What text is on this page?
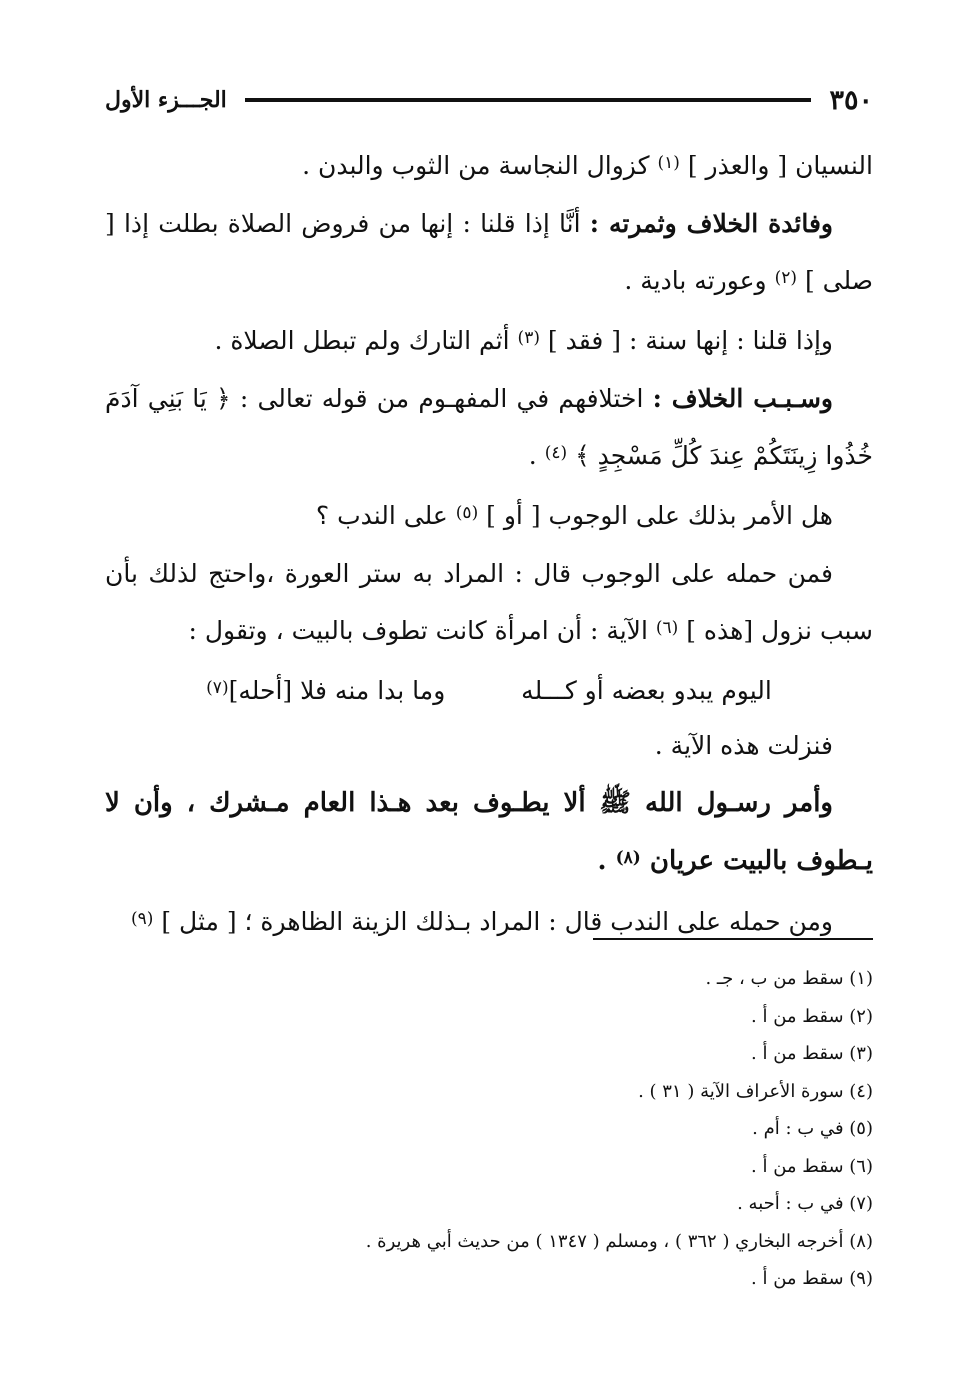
٣٥٠
الجـــزء الأول

النسيان [ والعذر ] $^{(١)}$ كزوال النجاسة من الثوب والبدن .

وفائدة الخلاف وثمرته : أنَّا إذا قلنا : إنها من فروض الصلاة بطلت إذا [ صلى ] $^{(٢)}$ وعورته بادية .

وإذا قلنا : إنها سنة : [ فقد ] $^{(٣)}$ أثم التارك ولم تبطل الصلاة .

وسـبـب الخلاف : اختلافهم في المفهـوم من قوله تعالى : ﴿ يَا بَنِي آدَمَ خُذُوا زِينَتَكُمْ عِندَ كُلِّ مَسْجِدٍ ﴾ $^{(٤)}$ .

هل الأمر بذلك على الوجوب [ أو ] $^{(٥)}$ على الندب ؟

فمن حمله على الوجوب قال : المراد به ستر العورة ،واحتج لذلك بأن سبب نزول [هذه ] $^{(٦)}$ الآية : أن امرأة كانت تطوف بالبيت ، وتقول :

اليوم يبدو بعضه أو كـــله  وما بدا منه فلا [أحله](٧)

فنزلت هذه الآية .

وأمر رسـول الله ﷺ ألا يطـوف بعد هـذا العام مـشرك ، وأن لا يـطوف بالبيت عريان $^{(٨)}$ .

ومن حمله على الندب قال : المراد بـذلك الزينة الظاهرة ؛ [ مثل ] $^{(٩)}$

(١) سقط من ب ، جـ .
(٢) سقط من أ .
(٣) سقط من أ .
(٤) سورة الأعراف الآية ( ٣١ ) .
(٥) في ب : أم .
(٦) سقط من أ .
(٧) في ب : أحبه .
(٨) أخرجه البخاري ( ٣٦٢ ) ، ومسلم ( ١٣٤٧ ) من حديث أبي هريرة .
(٩) سقط من أ .
